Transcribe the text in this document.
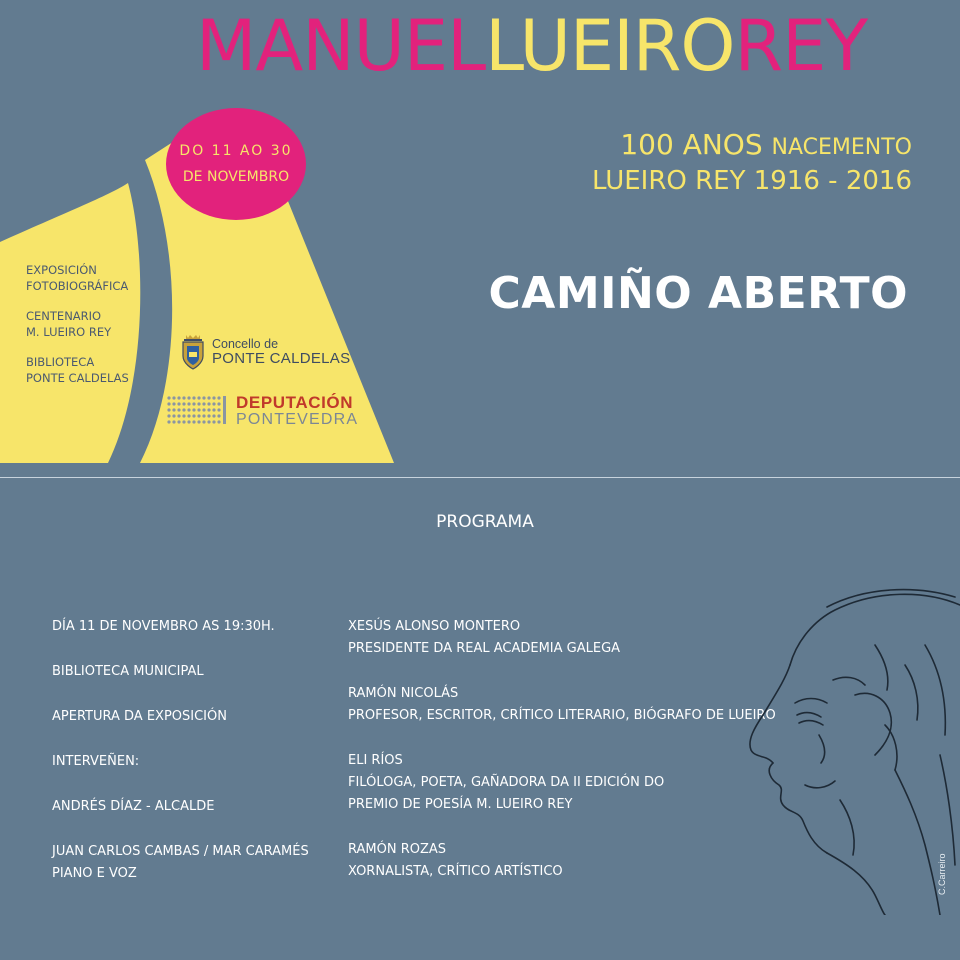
MANUELLUEIROREY
100 ANOS NACEMENTO
LUEIRO REY 1916 - 2016
CAMIÑO ABERTO
DO 11 AO 30
DE NOVEMBRO
EXPOSICIÓN
FOTOBIOGRÁFICA
CENTENARIO
M. LUEIRO REY
BIBLIOTECA
PONTE CALDELAS
Concello de
PONTE CALDELAS
DEPUTACIÓN
PONTEVEDRA
PROGRAMA
DÍA 11 DE NOVEMBRO AS 19:30H.
BIBLIOTECA MUNICIPAL
APERTURA DA EXPOSICIÓN
INTERVEÑEN:
ANDRÉS DÍAZ - ALCALDE
JUAN CARLOS CAMBAS / MAR CARAMÉS
PIANO E VOZ
XESÚS ALONSO MONTERO
PRESIDENTE DA REAL ACADEMIA GALEGA
RAMÓN NICOLÁS
PROFESOR, ESCRITOR, CRÍTICO LITERARIO, BIÓGRAFO DE LUEIRO
ELI RÍOS
FILÓLOGA, POETA, GAÑADORA DA II EDICIÓN DO PREMIO DE POESÍA M. LUEIRO REY
RAMÓN ROZAS
XORNALISTA, CRÍTICO ARTÍSTICO	C.Carreiro
